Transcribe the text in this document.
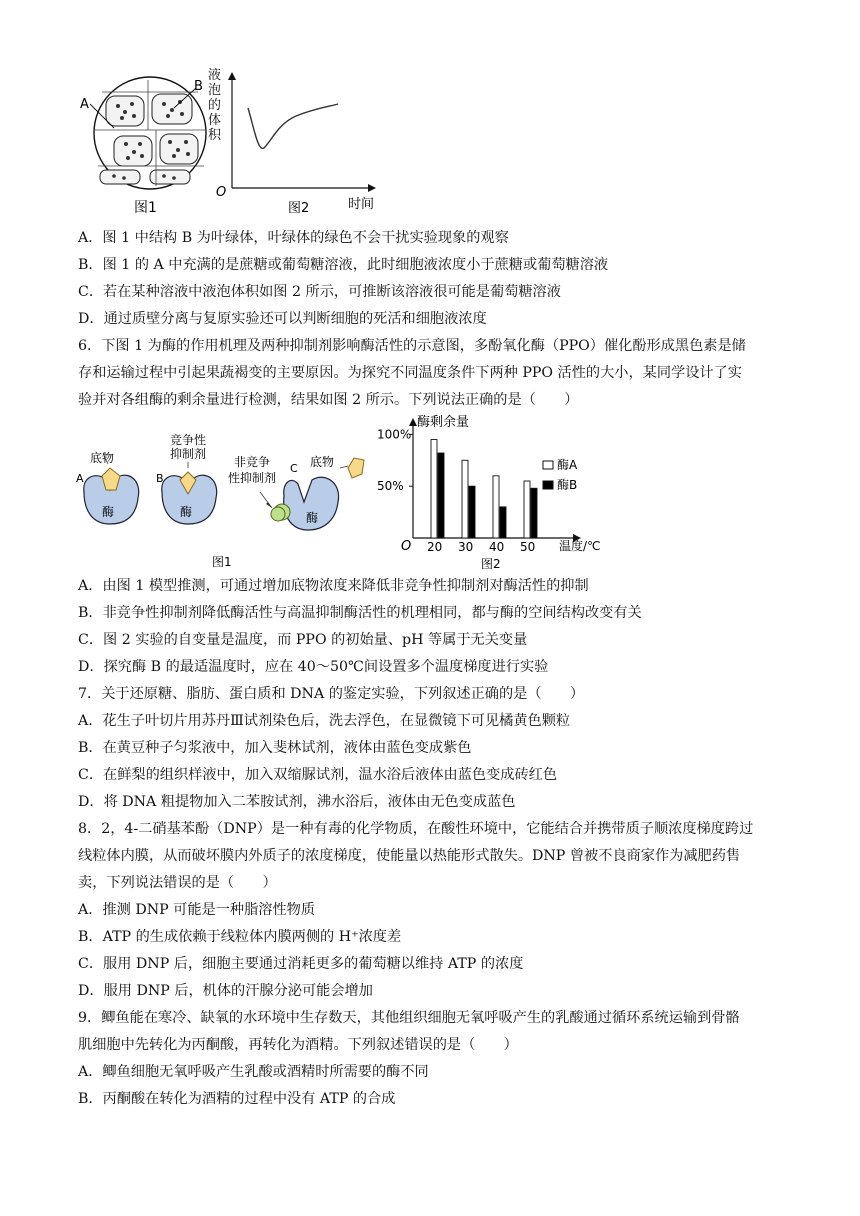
A
B
图1
O
图2	时间
液泡的体积
A．图 1 中结构 B 为叶绿体，叶绿体的绿色不会干扰实验现象的观察
B．图 1 的 A 中充满的是蔗糖或葡萄糖溶液，此时细胞液浓度小于蔗糖或葡萄糖溶液
C．若在某种溶液中液泡体积如图 2 所示，可推断该溶液很可能是葡萄糖溶液
D．通过质壁分离与复原实验还可以判断细胞的死活和细胞液浓度
6．下图 1 为酶的作用机理及两种抑制剂影响酶活性的示意图，多酚氧化酶（PPO）催化酚形成黑色素是储
存和运输过程中引起果蔬褐变的主要原因。为探究不同温度条件下两种 PPO 活性的大小，某同学设计了实
验并对各组酶的剩余量进行检测，结果如图 2 所示。下列说法正确的是（　　）
底物
A
酶
竞争性
抑制剂
B
酶
非竞争
性抑制剂
C 底物
酶
图1
酶剩余量
O	温度/℃
图2
20 30 40 50
酶A
酶B
100%
50%
A．由图 1 模型推测，可通过增加底物浓度来降低非竞争性抑制剂对酶活性的抑制
B．非竞争性抑制剂降低酶活性与高温抑制酶活性的机理相同，都与酶的空间结构改变有关
C．图 2 实验的自变量是温度，而 PPO 的初始量、pH 等属于无关变量
D．探究酶 B 的最适温度时，应在 40～50℃间设置多个温度梯度进行实验
7．关于还原糖、脂肪、蛋白质和 DNA 的鉴定实验，下列叙述正确的是（　　）
A．花生子叶切片用苏丹Ⅲ试剂染色后，洗去浮色，在显微镜下可见橘黄色颗粒
B．在黄豆种子匀浆液中，加入斐林试剂，液体由蓝色变成紫色
C．在鲜梨的组织样液中，加入双缩脲试剂，温水浴后液体由蓝色变成砖红色
D．将 DNA 粗提物加入二苯胺试剂，沸水浴后，液体由无色变成蓝色
8．2，4-二硝基苯酚（DNP）是一种有毒的化学物质，在酸性环境中，它能结合并携带质子顺浓度梯度跨过
线粒体内膜，从而破坏膜内外质子的浓度梯度，使能量以热能形式散失。DNP 曾被不良商家作为减肥药售
卖，下列说法错误的是（　　）
A．推测 DNP 可能是一种脂溶性物质
B．ATP 的生成依赖于线粒体内膜两侧的 H⁺浓度差
C．服用 DNP 后，细胞主要通过消耗更多的葡萄糖以维持 ATP 的浓度
D．服用 DNP 后，机体的汗腺分泌可能会增加
9．鲫鱼能在寒冷、缺氧的水环境中生存数天，其他组织细胞无氧呼吸产生的乳酸通过循环系统运输到骨骼
肌细胞中先转化为丙酮酸，再转化为酒精。下列叙述错误的是（　　）
A．鲫鱼细胞无氧呼吸产生乳酸或酒精时所需要的酶不同
B．丙酮酸在转化为酒精的过程中没有 ATP 的合成
